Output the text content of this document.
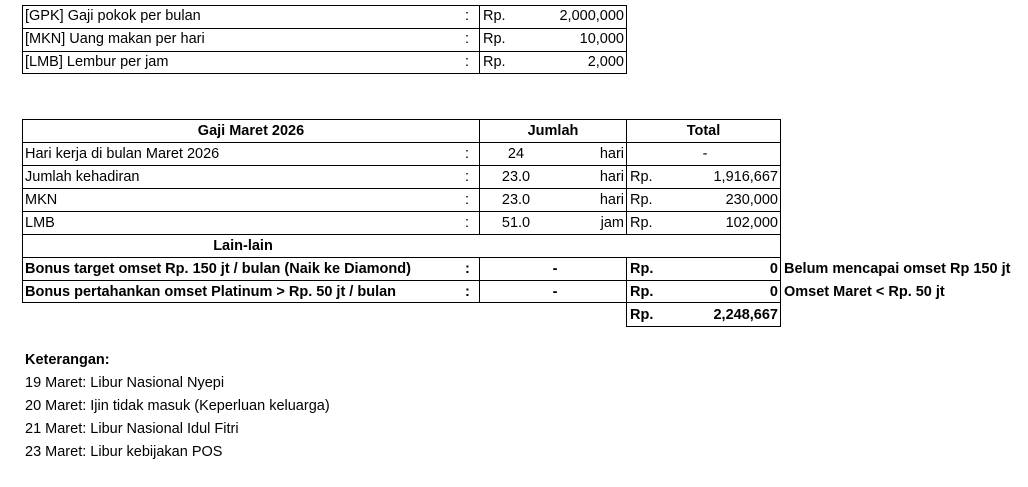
[GPK] Gaji pokok per bulan	: Rp.	2,000,000
[MKN] Uang makan per hari	: Rp.	10,000
[LMB] Lembur per jam	: Rp.	2,000
Gaji Maret 2026	Jumlah	Total
Hari kerja di bulan Maret 2026	:	24	hari	-
Jumlah kehadiran	:	23.0	hari Rp.	1,916,667
MKN	:	23.0	hari Rp.	230,000
LMB	:	51.0	jam Rp.	102,000
Lain-lain
Bonus target omset Rp. 150 jt / bulan (Naik ke Diamond)	:	-	Rp.	0 Belum mencapai omset Rp 150 jt
Bonus pertahankan omset Platinum > Rp. 50 jt / bulan	:	-	Rp.	0 Omset Maret < Rp. 50 jt
Rp.	2,248,667
Keterangan:
19 Maret: Libur Nasional Nyepi
20 Maret: Ijin tidak masuk (Keperluan keluarga)
21 Maret: Libur Nasional Idul Fitri
23 Maret: Libur kebijakan POS
